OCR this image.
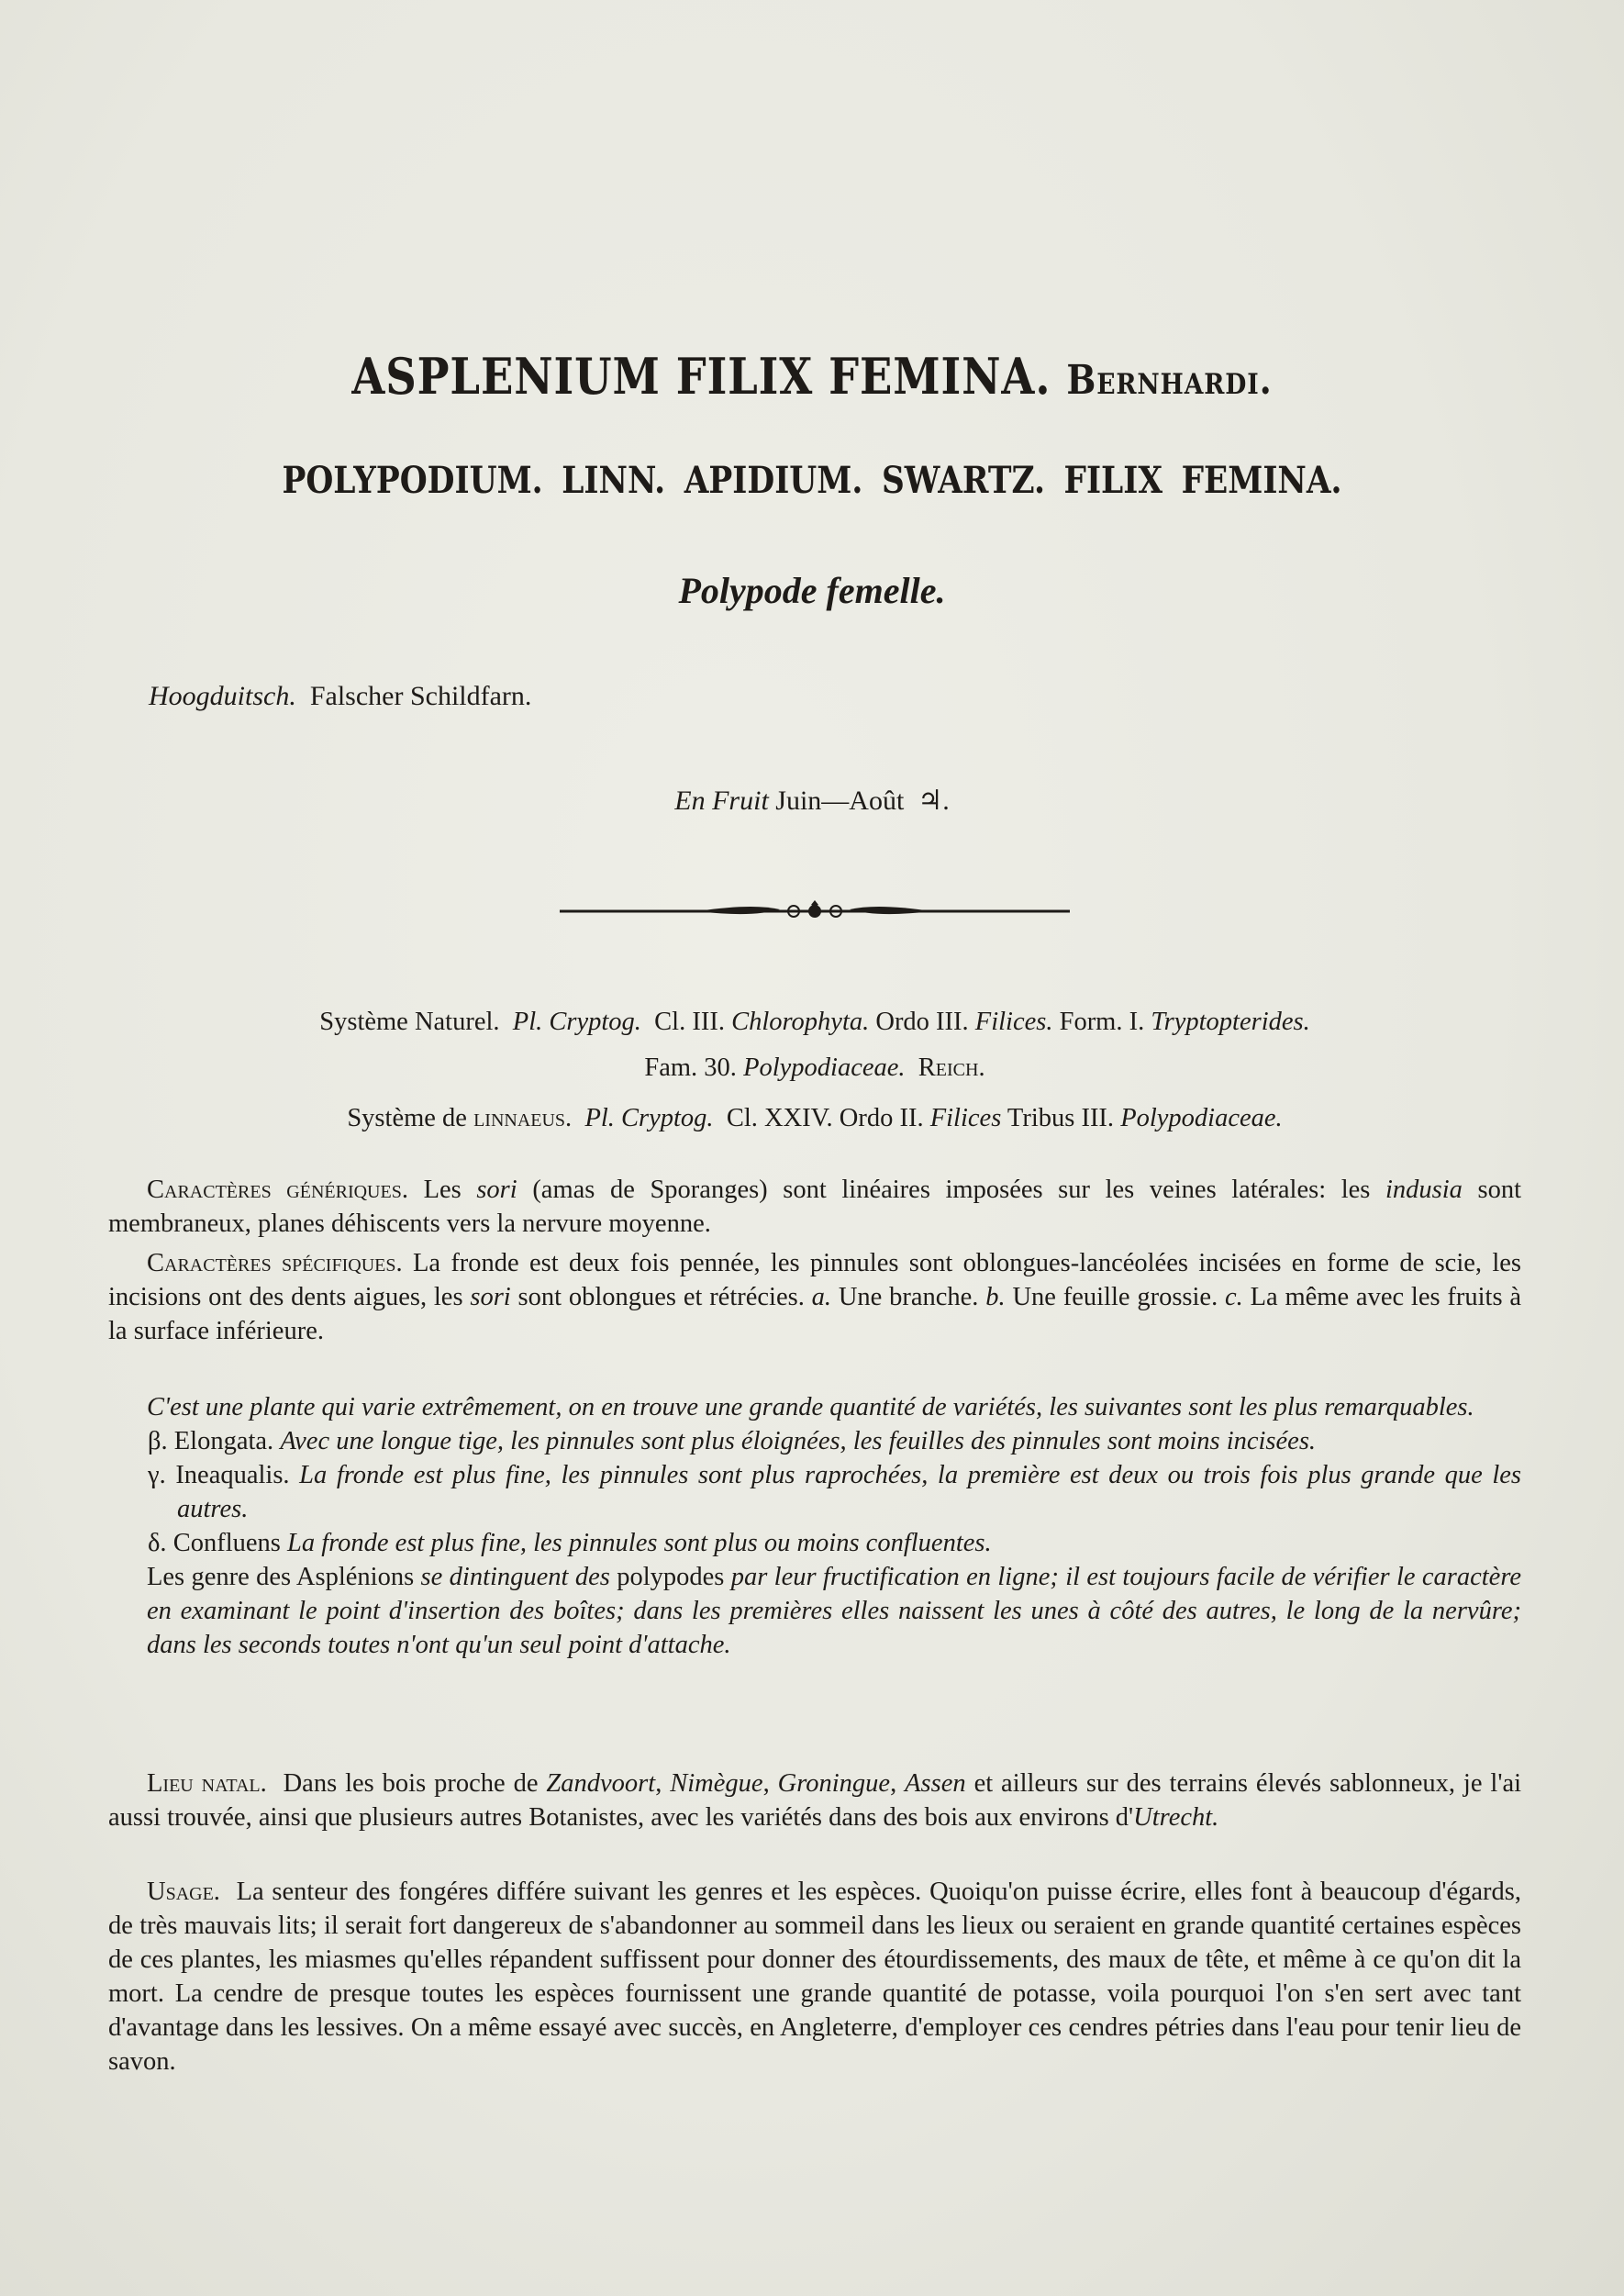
ASPLENIUM FILIX FEMINA. Bernhardi.
POLYPODIUM. LINN. APIDIUM. SWARTZ. FILIX FEMINA.
Polypode femelle.
Hoogduitsch. Falscher Schildfarn.
En Fruit Juin—Août ♃.
Système Naturel. Pl. Cryptog. Cl. III. Chlorophyta. Ordo III. Filices. Form. I. Tryptopterides.
Fam. 30. Polypodiaceae. Reich.
Système de linnaeus. Pl. Cryptog. Cl. XXIV. Ordo II. Filices Tribus III. Polypodiaceae.

Caractères génériques. Les sori (amas de Sporanges) sont linéaires imposées sur les veines latérales: les indusia sont membraneux, planes déhiscents vers la nervure moyenne.

Caractères spécifiques. La fronde est deux fois pennée, les pinnules sont oblongues-lancéolées incisées en forme de scie, les incisions ont des dents aigues, les sori sont oblongues et rétrécies. a. Une branche. b. Une feuille grossie. c. La même avec les fruits à la surface inférieure.

C'est une plante qui varie extrêmement, on en trouve une grande quantité de variétés, les suivantes sont les plus remarquables.

β. Elongata. Avec une longue tige, les pinnules sont plus éloignées, les feuilles des pinnules sont moins incisées.

γ. Ineaqualis. La fronde est plus fine, les pinnules sont plus raprochées, la première est deux ou trois fois plus grande que les autres.

δ. Confluens La fronde est plus fine, les pinnules sont plus ou moins confluentes.

Les genre des Asplénions se dintinguent des polypodes par leur fructification en ligne; il est toujours facile de vérifier le caractère en examinant le point d'insertion des boîtes; dans les premières elles naissent les unes à côté des autres, le long de la nervûre; dans les seconds toutes n'ont qu'un seul point d'attache.

Lieu natal. Dans les bois proche de Zandvoort, Nimègue, Groningue, Assen et ailleurs sur des terrains élevés sablonneux, je l'ai aussi trouvée, ainsi que plusieurs autres Botanistes, avec les variétés dans des bois aux environs d'Utrecht.

Usage. La senteur des fongéres différe suivant les genres et les espèces. Quoiqu'on puisse écrire, elles font à beaucoup d'égards, de très mauvais lits; il serait fort dangereux de s'abandonner au sommeil dans les lieux ou seraient en grande quantité certaines espèces de ces plantes, les miasmes qu'elles répandent suffissent pour donner des étourdissements, des maux de tête, et même à ce qu'on dit la mort. La cendre de presque toutes les espèces fournissent une grande quantité de potasse, voila pourquoi l'on s'en sert avec tant d'avantage dans les lessives. On a même essayé avec succès, en Angleterre, d'employer ces cendres pétries dans l'eau pour tenir lieu de savon.
